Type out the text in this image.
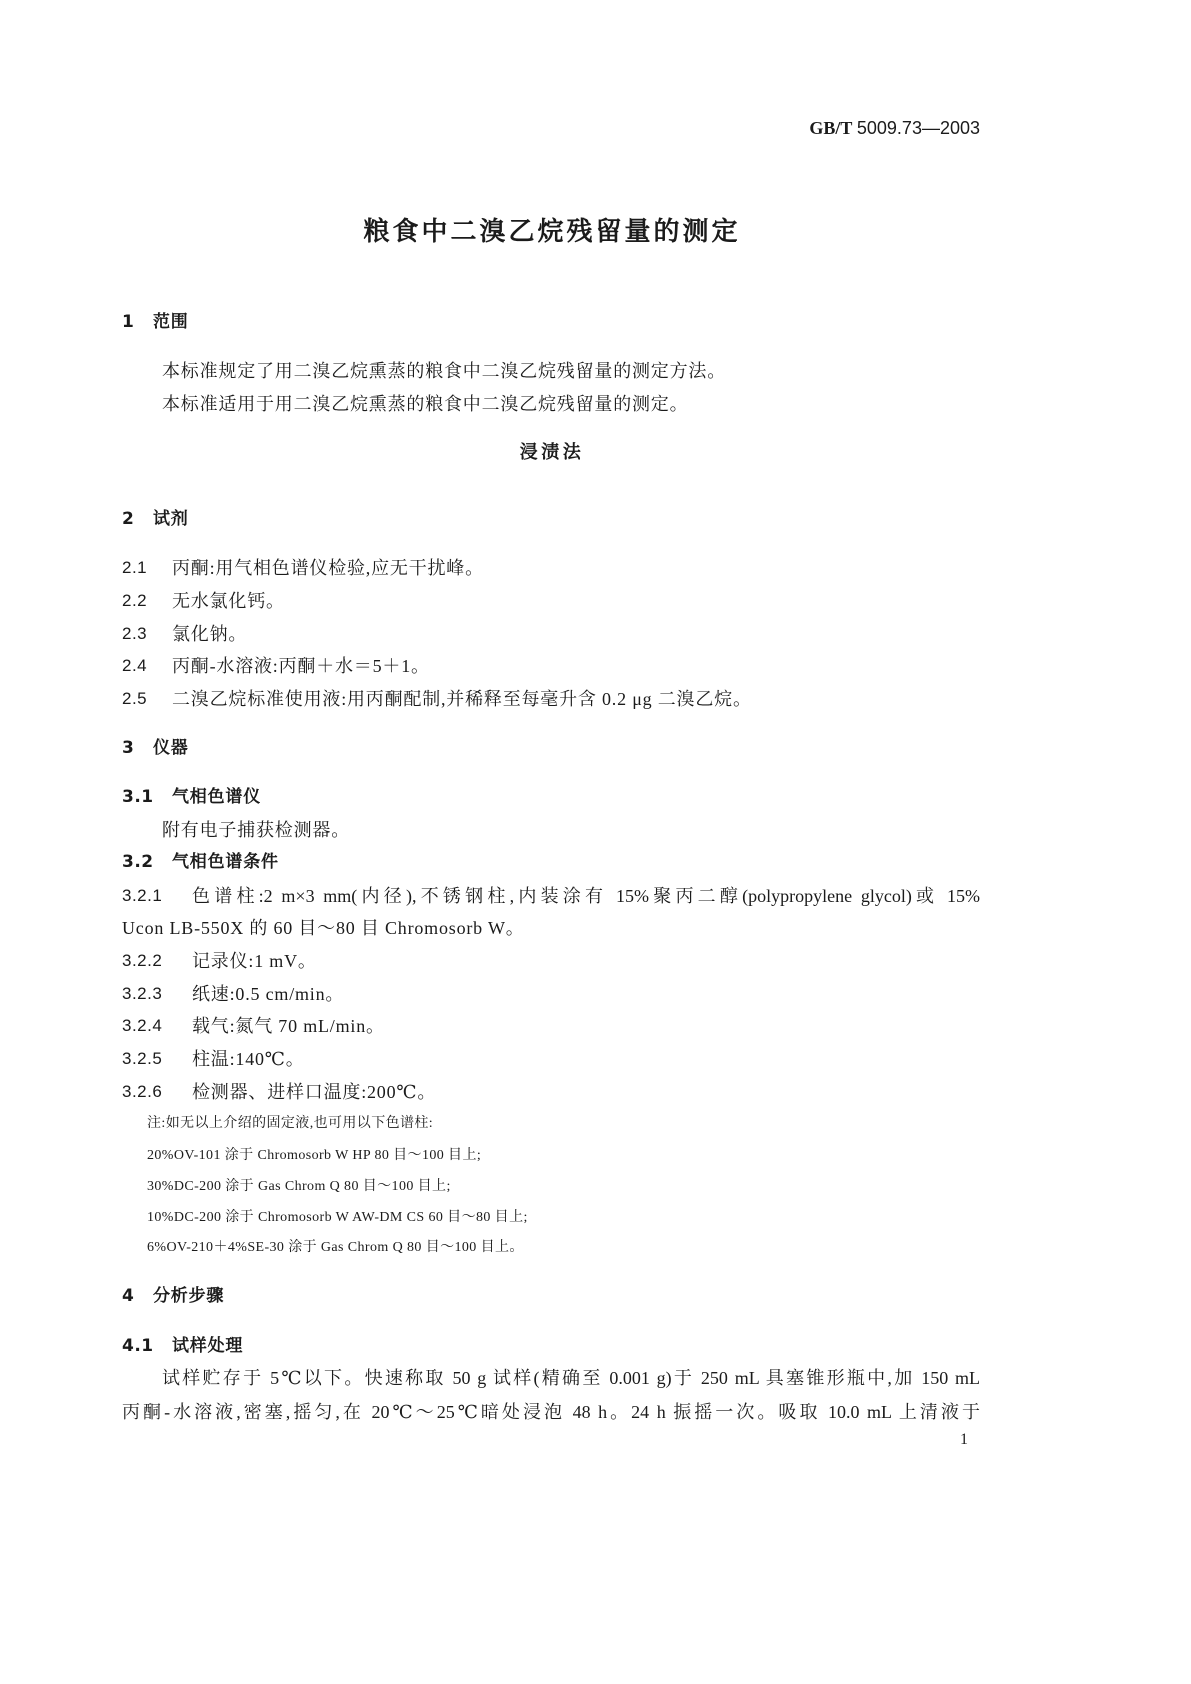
GB/T 5009.73—2003
粮食中二溴乙烷残留量的测定
1 范围
本标准规定了用二溴乙烷熏蒸的粮食中二溴乙烷残留量的测定方法。
本标准适用于用二溴乙烷熏蒸的粮食中二溴乙烷残留量的测定。
浸渍法
2 试剂
2.1 丙酮:用气相色谱仪检验,应无干扰峰。
2.2 无水氯化钙。
2.3 氯化钠。
2.4 丙酮-水溶液:丙酮＋水＝5＋1。
2.5 二溴乙烷标准使用液:用丙酮配制,并稀释至每毫升含 0.2 μg 二溴乙烷。
3 仪器
3.1 气相色谱仪
附有电子捕获检测器。
3.2 气相色谱条件
3.2.1 色谱柱:2 m×3 mm(内径),不锈钢柱,内装涂有 15%聚丙二醇(polypropylene glycol)或 15%
Ucon LB-550X 的 60 目～80 目 Chromosorb W。
3.2.2 记录仪:1 mV。
3.2.3 纸速:0.5 cm/min。
3.2.4 载气:氮气 70 mL/min。
3.2.5 柱温:140℃。
3.2.6 检测器、进样口温度:200℃。
注:如无以上介绍的固定液,也可用以下色谱柱:
20%OV-101 涂于 Chromosorb W HP 80 目～100 目上;
30%DC-200 涂于 Gas Chrom Q 80 目～100 目上;
10%DC-200 涂于 Chromosorb W AW-DM CS 60 目～80 目上;
6%OV-210＋4%SE-30 涂于 Gas Chrom Q 80 目～100 目上。
4 分析步骤
4.1 试样处理
试样贮存于 5℃以下。快速称取 50 g 试样(精确至 0.001 g)于 250 mL 具塞锥形瓶中,加 150 mL
丙酮-水溶液,密塞,摇匀,在 20℃～25℃暗处浸泡 48 h。24 h 振摇一次。吸取 10.0 mL 上清液于
1
